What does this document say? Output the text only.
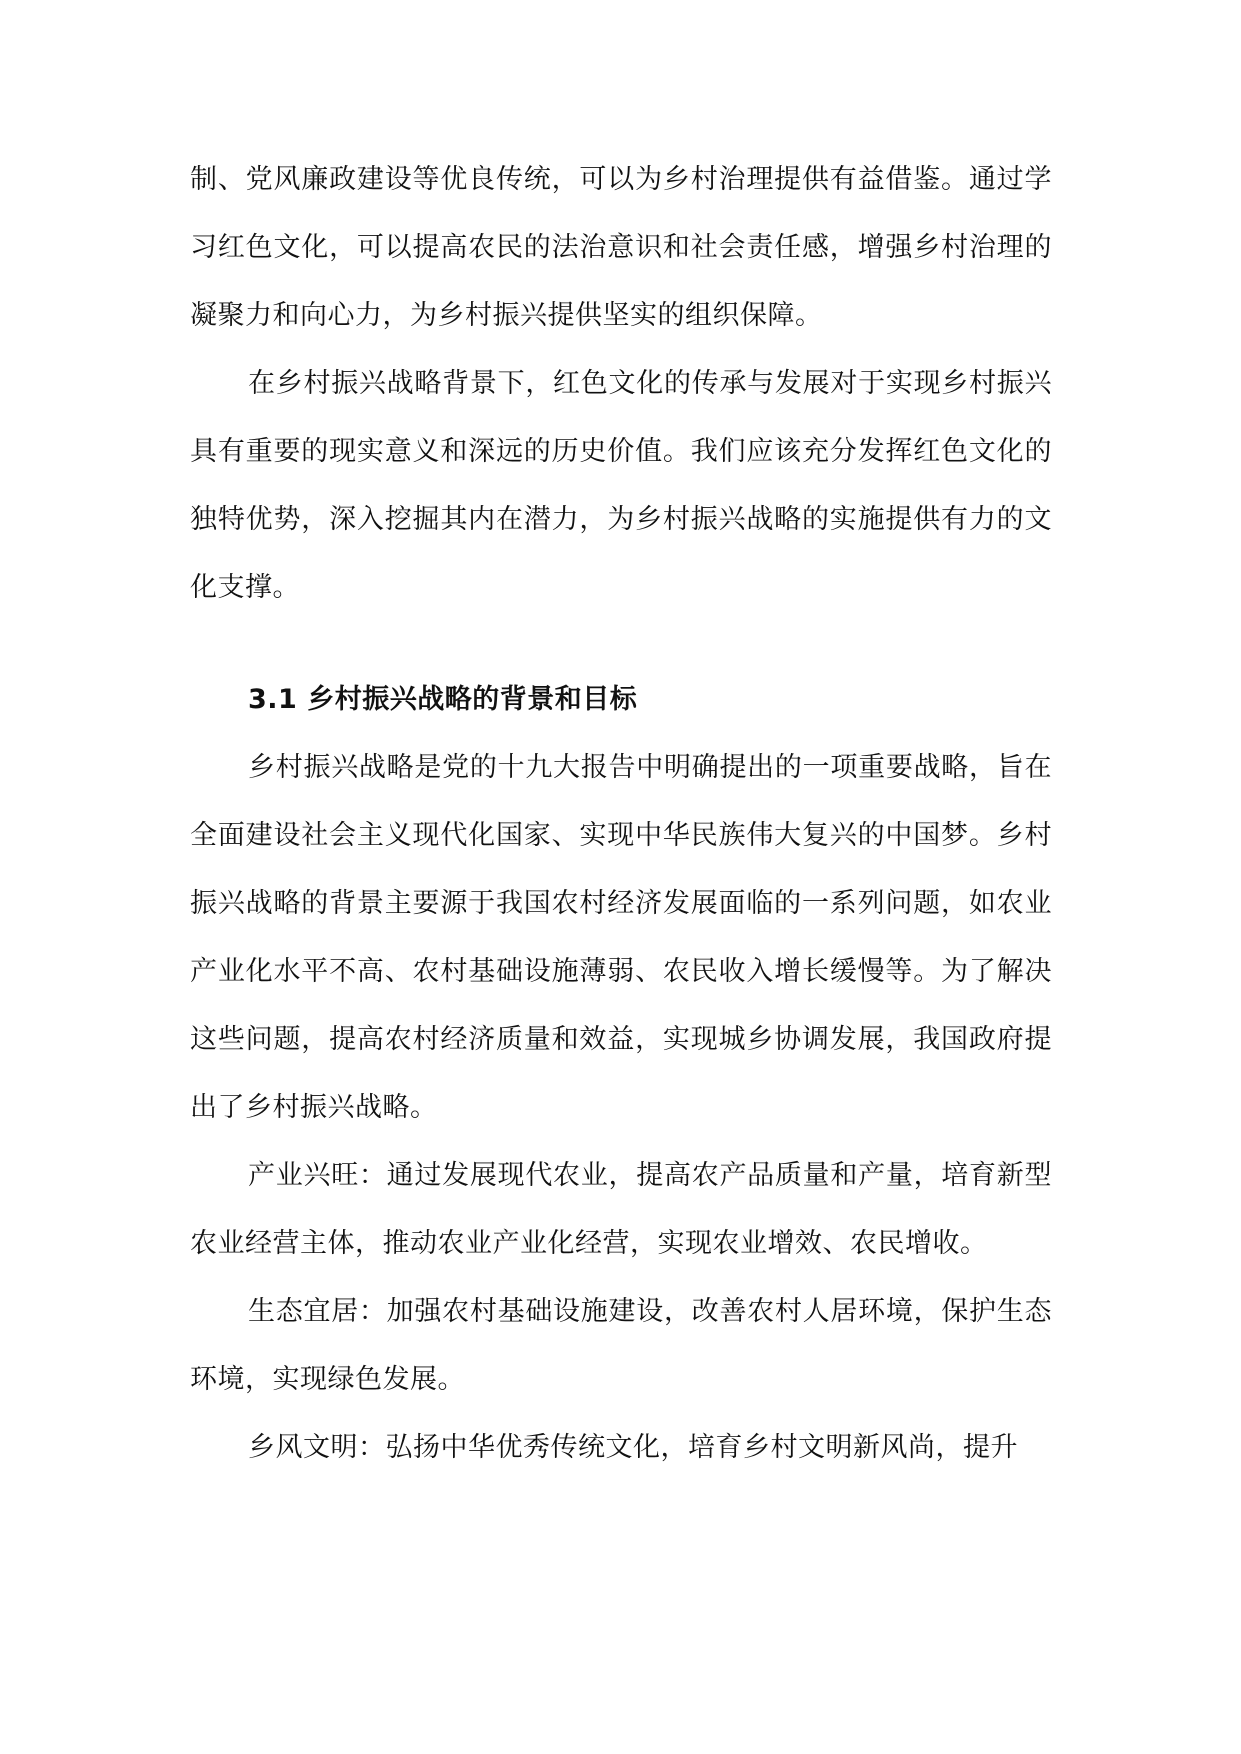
制、党风廉政建设等优良传统，可以为乡村治理提供有益借鉴。通过学习红色文化，可以提高农民的法治意识和社会责任感，增强乡村治理的凝聚力和向心力，为乡村振兴提供坚实的组织保障。

在乡村振兴战略背景下，红色文化的传承与发展对于实现乡村振兴具有重要的现实意义和深远的历史价值。我们应该充分发挥红色文化的独特优势，深入挖掘其内在潜力，为乡村振兴战略的实施提供有力的文化支撑。

3.1 乡村振兴战略的背景和目标

乡村振兴战略是党的十九大报告中明确提出的一项重要战略，旨在全面建设社会主义现代化国家、实现中华民族伟大复兴的中国梦。乡村振兴战略的背景主要源于我国农村经济发展面临的一系列问题，如农业产业化水平不高、农村基础设施薄弱、农民收入增长缓慢等。为了解决这些问题，提高农村经济质量和效益，实现城乡协调发展，我国政府提出了乡村振兴战略。

产业兴旺：通过发展现代农业，提高农产品质量和产量，培育新型农业经营主体，推动农业产业化经营，实现农业增效、农民增收。

生态宜居：加强农村基础设施建设，改善农村人居环境，保护生态环境，实现绿色发展。

乡风文明：弘扬中华优秀传统文化，培育乡村文明新风尚，提升
